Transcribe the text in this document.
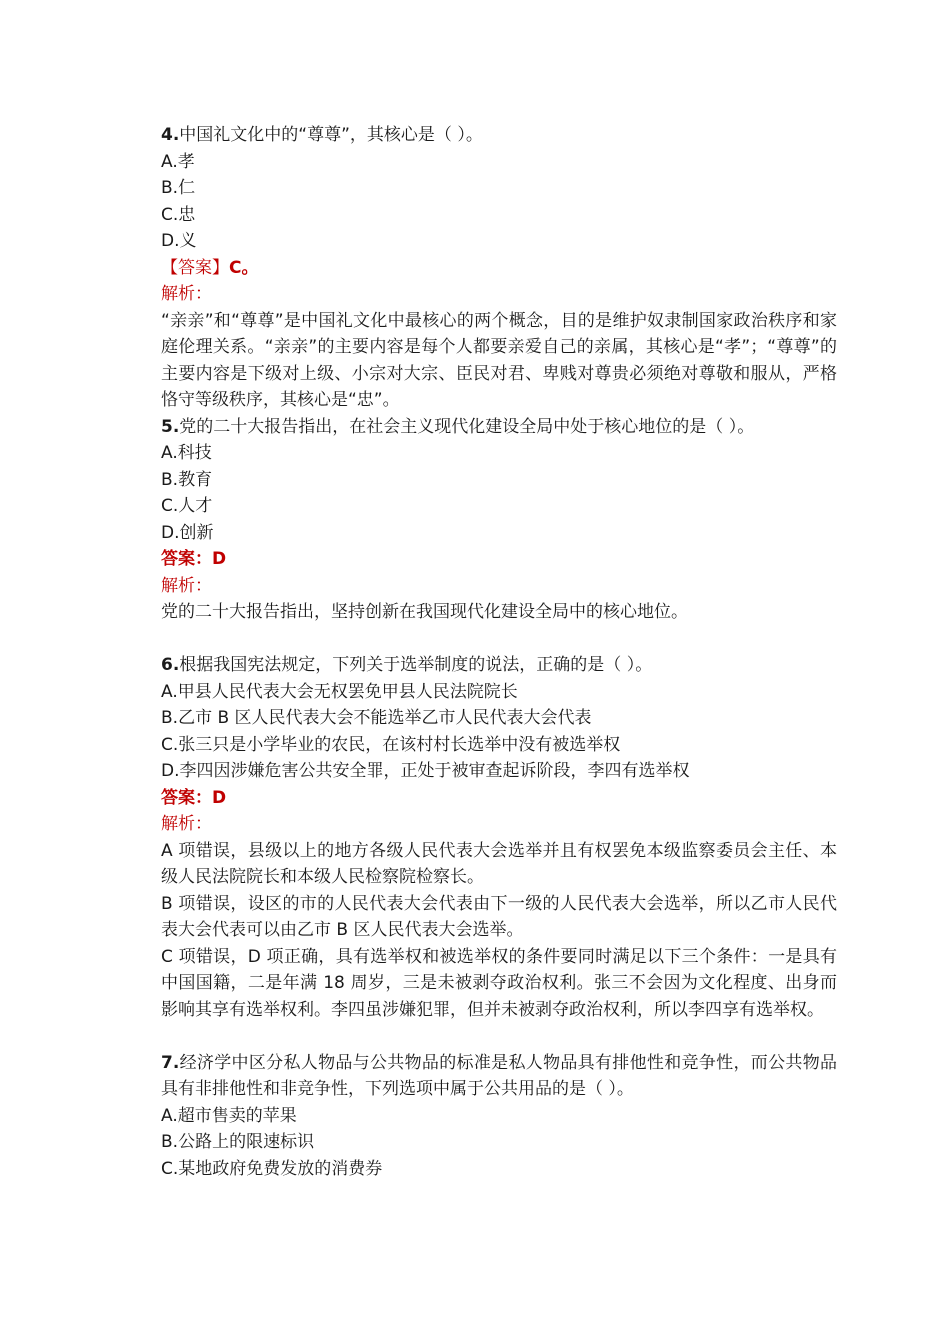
4.中国礼文化中的“尊尊”，其核心是（ ）。
A.孝
B.仁
C.忠
D.义
【答案】C。
解析：
“亲亲”和“尊尊”是中国礼文化中最核心的两个概念，目的是维护奴隶制国家政治秩序和家庭伦理关系。“亲亲”的主要内容是每个人都要亲爱自己的亲属，其核心是“孝”；“尊尊”的主要内容是下级对上级、小宗对大宗、臣民对君、卑贱对尊贵必须绝对尊敬和服从，严格恪守等级秩序，其核心是“忠”。
5.党的二十大报告指出，在社会主义现代化建设全局中处于核心地位的是（ ）。
A.科技
B.教育
C.人才
D.创新
答案：D
解析：
党的二十大报告指出，坚持创新在我国现代化建设全局中的核心地位。
6.根据我国宪法规定，下列关于选举制度的说法，正确的是（ ）。
A.甲县人民代表大会无权罢免甲县人民法院院长
B.乙市 B 区人民代表大会不能选举乙市人民代表大会代表
C.张三只是小学毕业的农民，在该村村长选举中没有被选举权
D.李四因涉嫌危害公共安全罪，正处于被审查起诉阶段，李四有选举权
答案：D
解析：
A 项错误，县级以上的地方各级人民代表大会选举并且有权罢免本级监察委员会主任、本级人民法院院长和本级人民检察院检察长。
B 项错误，设区的市的人民代表大会代表由下一级的人民代表大会选举，所以乙市人民代表大会代表可以由乙市 B 区人民代表大会选举。
C 项错误，D 项正确，具有选举权和被选举权的条件要同时满足以下三个条件：一是具有中国国籍，二是年满 18 周岁，三是未被剥夺政治权利。张三不会因为文化程度、出身而影响其享有选举权利。李四虽涉嫌犯罪，但并未被剥夺政治权利，所以李四享有选举权。
7.经济学中区分私人物品与公共物品的标准是私人物品具有排他性和竞争性，而公共物品具有非排他性和非竞争性，下列选项中属于公共用品的是（ ）。
A.超市售卖的苹果
B.公路上的限速标识
C.某地政府免费发放的消费券
